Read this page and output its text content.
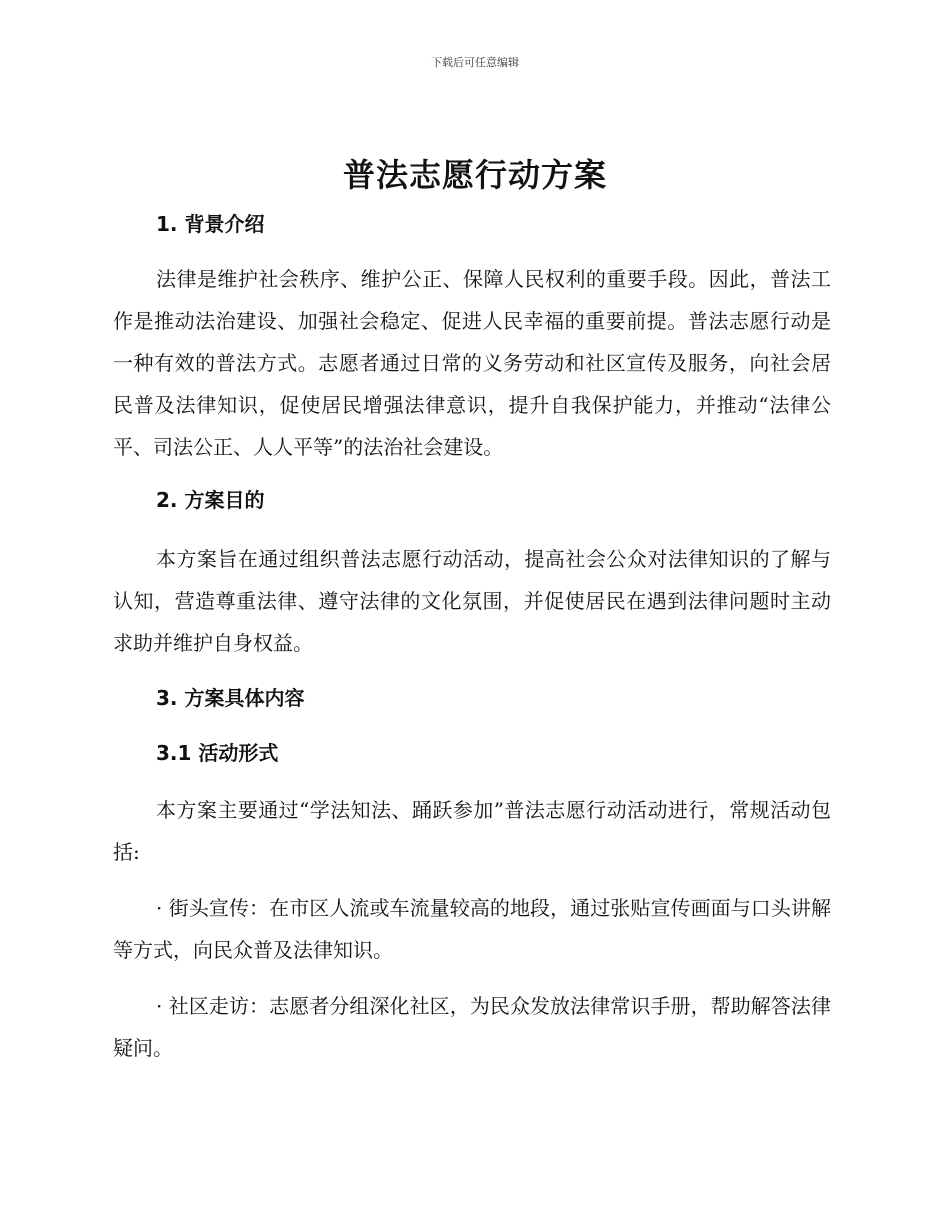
下载后可任意编辑
普法志愿行动方案
1. 背景介绍

法律是维护社会秩序、维护公正、保障人民权利的重要手段。因此，普法工作是推动法治建设、加强社会稳定、促进人民幸福的重要前提。普法志愿行动是一种有效的普法方式。志愿者通过日常的义务劳动和社区宣传及服务，向社会居民普及法律知识，促使居民增强法律意识，提升自我保护能力，并推动“法律公平、司法公正、人人平等”的法治社会建设。

2. 方案目的

本方案旨在通过组织普法志愿行动活动，提高社会公众对法律知识的了解与认知，营造尊重法律、遵守法律的文化氛围，并促使居民在遇到法律问题时主动求助并维护自身权益。

3. 方案具体内容
3.1 活动形式

本方案主要通过“学法知法、踊跃参加”普法志愿行动活动进行，常规活动包括:

· 街头宣传：在市区人流或车流量较高的地段，通过张贴宣传画面与口头讲解等方式，向民众普及法律知识。

· 社区走访：志愿者分组深化社区，为民众发放法律常识手册，帮助解答法律疑问。
